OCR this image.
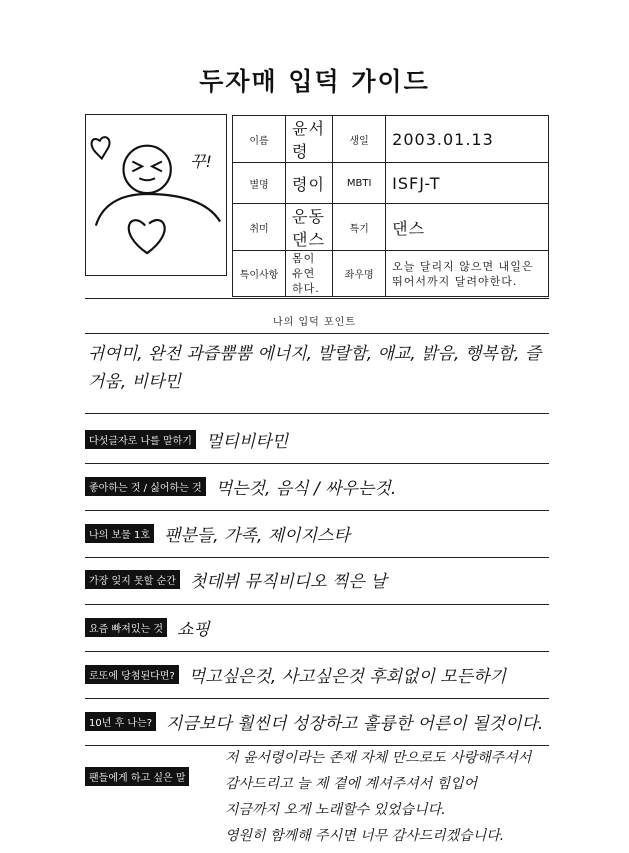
두자매 입덕 가이드
꾸!
이름	윤서령	생일	2003.01.13
별명	령이	MBTI	ISFJ-T
취미	운동 댄스	특기	댄스
특이사항	몸이 유연하다.	좌우명	오늘 달리지 않으면 내일은 뛰어서까지 달려야한다.
나의 입덕 포인트
귀여미, 완전 과즙뿜뿜 에너지, 발랄함, 애교, 밝음, 행복함, 즐거움, 비타민
다섯글자로 나를 말하기 멀티비타민
좋아하는 것 / 싫어하는 것 먹는것, 음식 / 싸우는것.
나의 보물 1호 팬분들, 가족, 제이지스타
가장 잊지 못할 순간 첫데뷔 뮤직비디오 찍은 날
요즘 빠져있는 것 쇼핑
로또에 당첨된다면? 먹고싶은것, 사고싶은것 후회없이 모든하기
10년 후 나는? 지금보다 훨씬더 성장하고 훌륭한 어른이 될것이다.
팬들에게 하고 싶은 말
저 윤서령이라는 존재 자체 만으로도 사랑해주셔서
감사드리고 늘 제 곁에 계셔주셔서 힘입어
지금까지 오게 노래할수 있었습니다.
영원히 함께해 주시면 너무 감사드리겠습니다.
